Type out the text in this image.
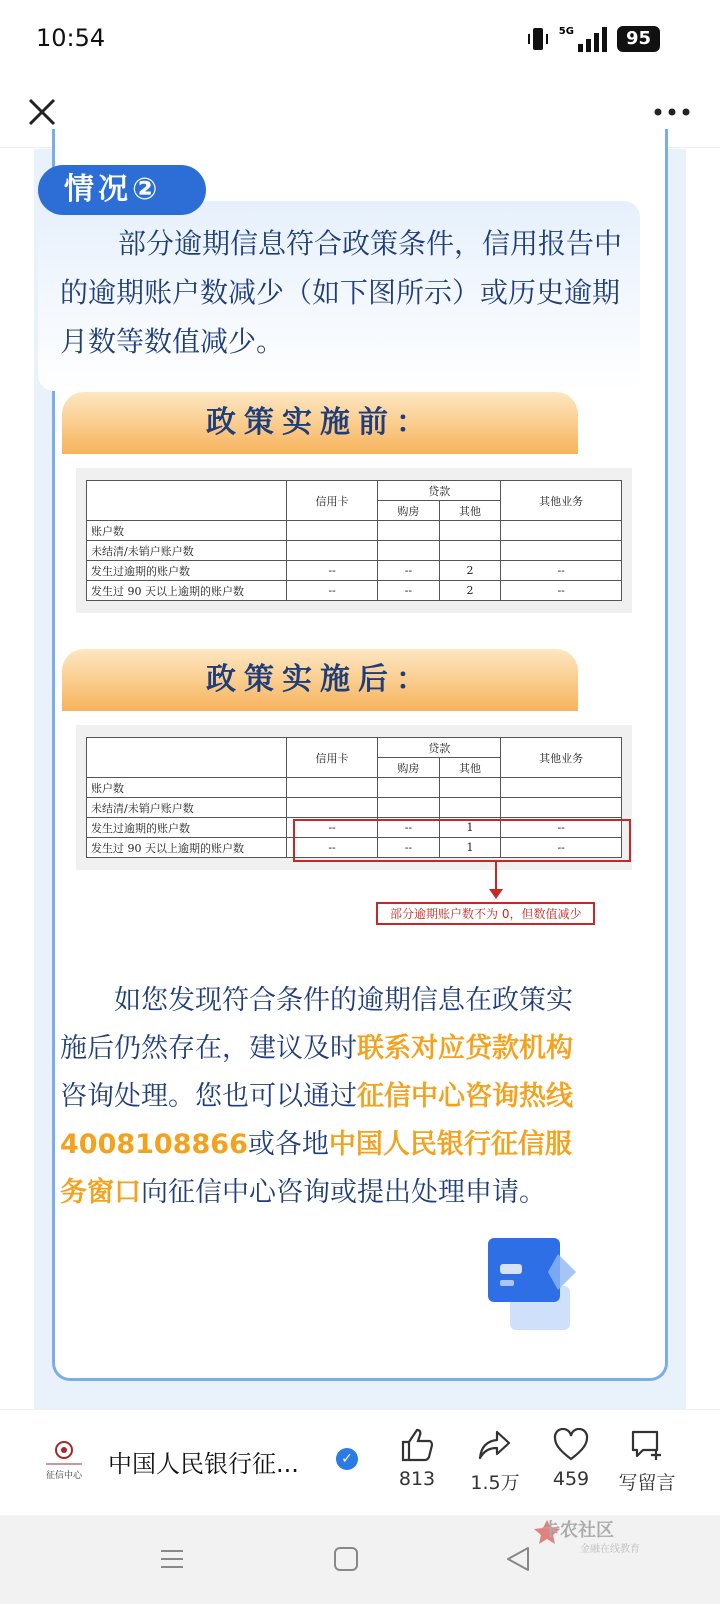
10:54	5G	95
情况②
部分逾期信息符合政策条件，信用报告中的逾期账户数减少（如下图所示）或历史逾期月数等数值减少。
政策实施前：
	信用卡	贷款		其他业务
		购房	其他	
账户数				
未结清/未销户账户数				
发生过逾期的账户数	--	--	2	--
发生过 90 天以上逾期的账户数	--	--	2	--
政策实施后：
	信用卡	贷款		其他业务
		购房	其他	
账户数				
未结清/未销户账户数				
发生过逾期的账户数	--	--	1	--
发生过 90 天以上逾期的账户数	--	--	1	--
部分逾期账户数不为 0，但数值减少
如您发现符合条件的逾期信息在政策实施后仍然存在，建议及时联系对应贷款机构咨询处理。您也可以通过征信中心咨询热线4008108866或各地中国人民银行征信服务窗口向征信中心咨询或提出处理申请。
征信中心 中国人民银行征...	✓
813	1.5万	459	写留言
卡农社区
金融在线教育
